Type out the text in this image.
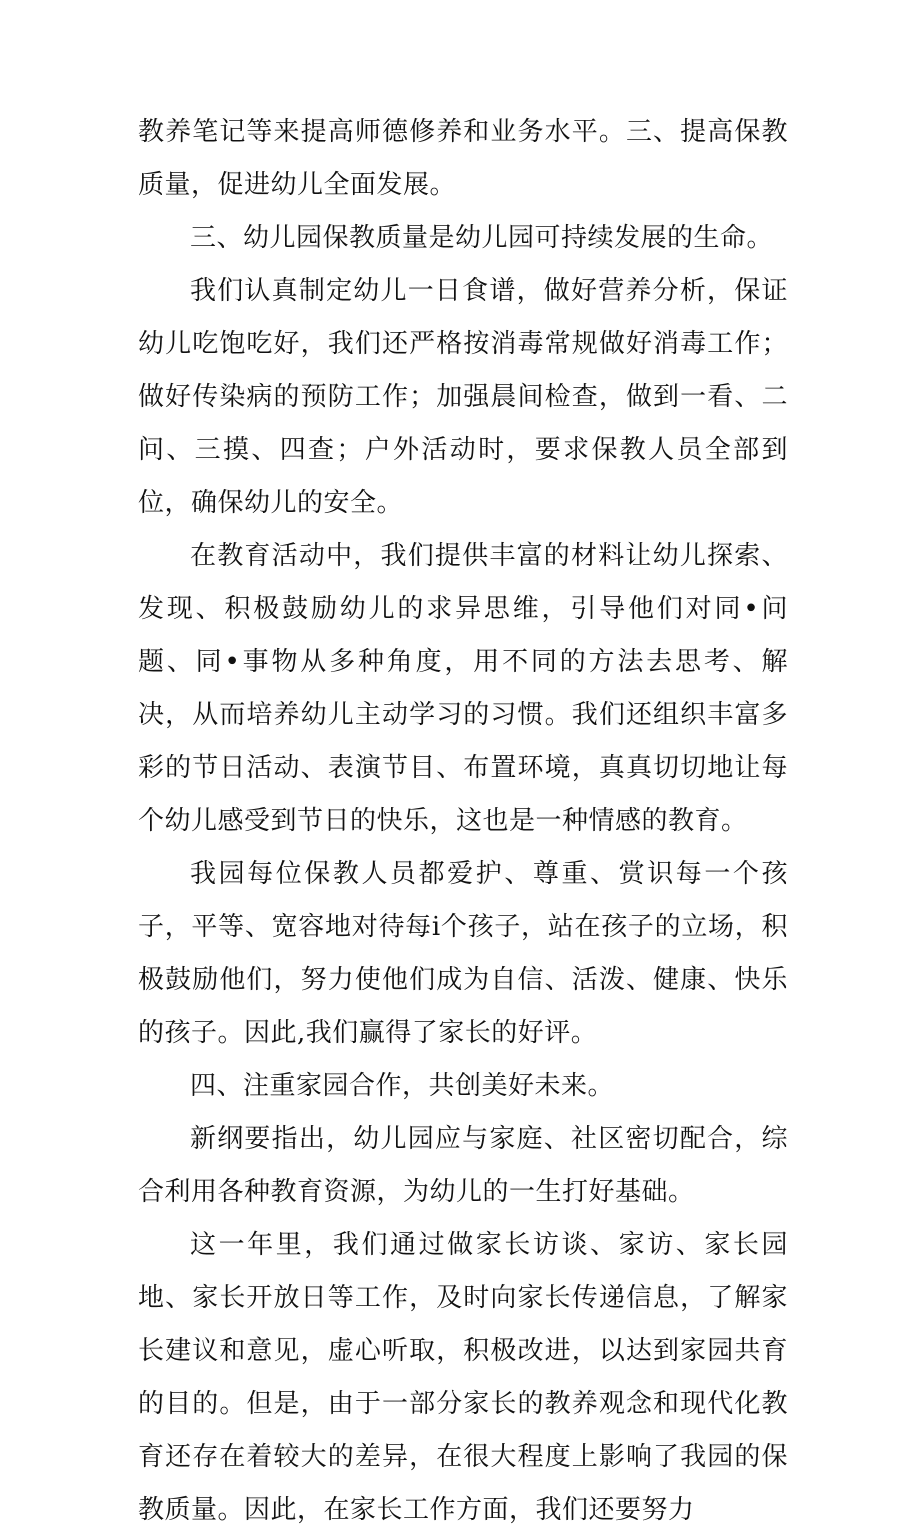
教养笔记等来提高师德修养和业务水平。三、提高保教质量，促进幼儿全面发展。

三、幼儿园保教质量是幼儿园可持续发展的生命。

我们认真制定幼儿一日食谱，做好营养分析，保证幼儿吃饱吃好，我们还严格按消毒常规做好消毒工作；做好传染病的预防工作；加强晨间检查，做到一看、二问、三摸、四查；户外活动时，要求保教人员全部到位，确保幼儿的安全。

在教育活动中，我们提供丰富的材料让幼儿探索、发现、积极鼓励幼儿的求异思维，引导他们对同•问题、同•事物从多种角度，用不同的方法去思考、解决，从而培养幼儿主动学习的习惯。我们还组织丰富多彩的节日活动、表演节目、布置环境，真真切切地让每个幼儿感受到节日的快乐，这也是一种情感的教育。

我园每位保教人员都爱护、尊重、赏识每一个孩子，平等、宽容地对待每i个孩子，站在孩子的立场，积极鼓励他们，努力使他们成为自信、活泼、健康、快乐的孩子。因此,我们赢得了家长的好评。

四、注重家园合作，共创美好未来。

新纲要指出，幼儿园应与家庭、社区密切配合，综合利用各种教育资源，为幼儿的一生打好基础。

这一年里，我们通过做家长访谈、家访、家长园地、家长开放日等工作，及时向家长传递信息，了解家长建议和意见，虚心听取，积极改进，以达到家园共育的目的。但是，由于一部分家长的教养观念和现代化教育还存在着较大的差异，在很大程度上影响了我园的保教质量。因此，在家长工作方面，我们还要努力
